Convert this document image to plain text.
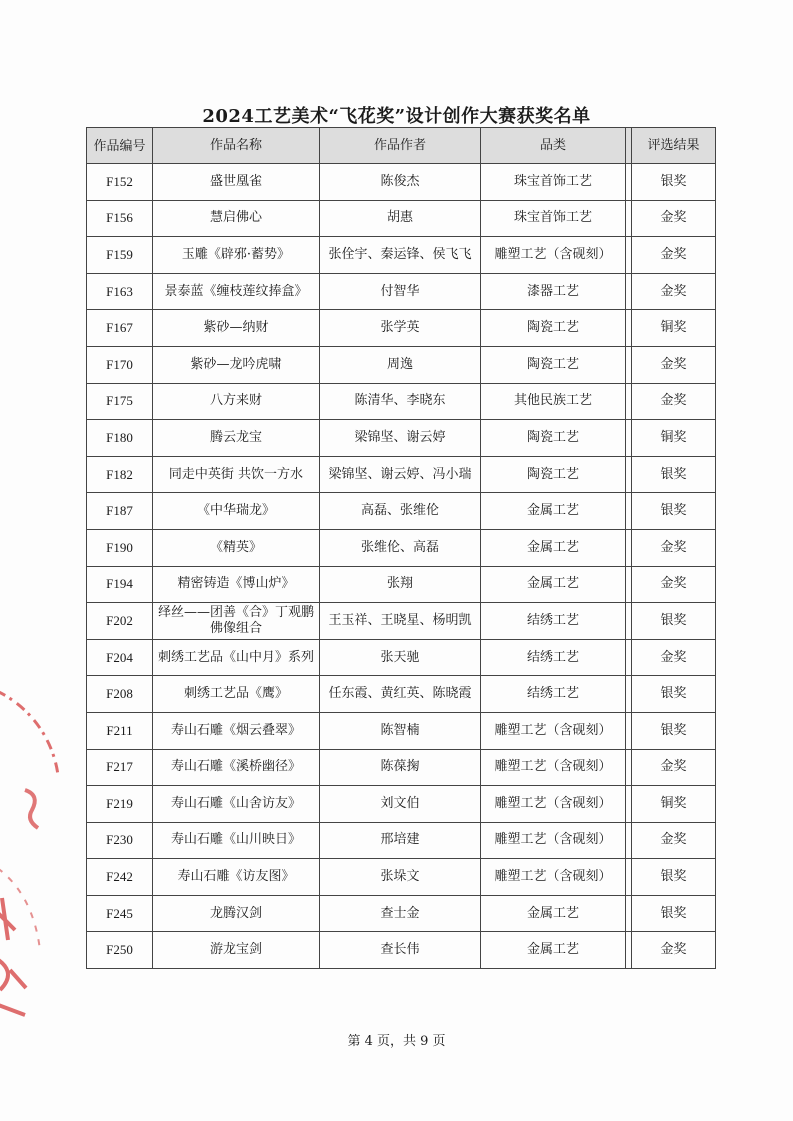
2024工艺美术“飞花奖”设计创作大赛获奖名单
作品编号	作品名称	作品作者	品类		评选结果
F152	盛世凰雀	陈俊杰	珠宝首饰工艺		银奖
F156	慧启佛心	胡惠	珠宝首饰工艺		金奖
F159	玉雕《辟邪·蓄势》	张佺宇、秦运锋、侯飞飞	雕塑工艺（含砚刻）		金奖
F163	景泰蓝《缠枝莲纹捧盒》	付智华	漆器工艺		金奖
F167	紫砂—纳财	张学英	陶瓷工艺		铜奖
F170	紫砂—龙吟虎啸	周逸	陶瓷工艺		金奖
F175	八方来财	陈清华、李晓东	其他民族工艺		金奖
F180	腾云龙宝	梁锦坚、谢云婷	陶瓷工艺		铜奖
F182	同走中英街 共饮一方水	梁锦坚、谢云婷、冯小瑞	陶瓷工艺		银奖
F187	《中华瑞龙》	高磊、张维伦	金属工艺		银奖
F190	《精英》	张维伦、高磊	金属工艺		金奖
F194	精密铸造《博山炉》	张翔	金属工艺		金奖
F202	绎丝——团善《合》丁观鹏佛像组合	王玉祥、王晓星、杨明凯	结绣工艺		银奖
F204	刺绣工艺品《山中月》系列	张天驰	结绣工艺		金奖
F208	刺绣工艺品《鹰》	任东霞、黄红英、陈晓霞	结绣工艺		银奖
F211	寿山石雕《烟云叠翠》	陈智楠	雕塑工艺（含砚刻）		银奖
F217	寿山石雕《溪桥幽径》	陈葆掬	雕塑工艺（含砚刻）		金奖
F219	寿山石雕《山舍访友》	刘文伯	雕塑工艺（含砚刻）		铜奖
F230	寿山石雕《山川映日》	邢培建	雕塑工艺（含砚刻）		金奖
F242	寿山石雕《访友图》	张垛文	雕塑工艺（含砚刻）		银奖
F245	龙腾汉剑	查士金	金属工艺		银奖
F250	游龙宝剑	查长伟	金属工艺		金奖
第 4 页，共 9 页
